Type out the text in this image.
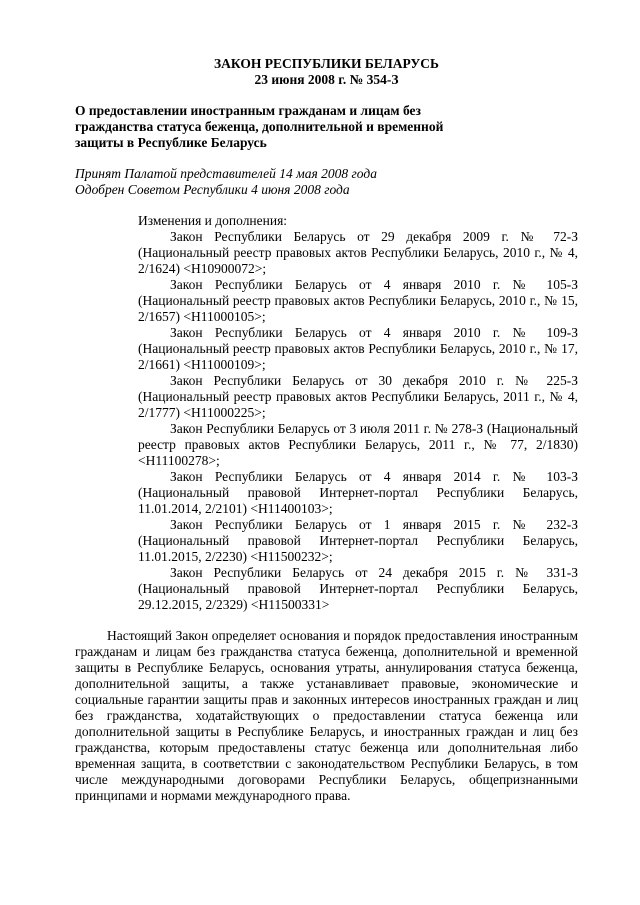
ЗАКОН РЕСПУБЛИКИ БЕЛАРУСЬ
23 июня 2008 г. № 354-З
О предоставлении иностранным гражданам и лицам без гражданства статуса беженца, дополнительной и временной защиты в Республике Беларусь
Принят Палатой представителей 14 мая 2008 года
Одобрен Советом Республики 4 июня 2008 года
Изменения и дополнения:

Закон Республики Беларусь от 29 декабря 2009 г. № 72-З (Национальный реестр правовых актов Республики Беларусь, 2010 г., № 4, 2/1624) <H10900072>;

Закон Республики Беларусь от 4 января 2010 г. № 105-З (Национальный реестр правовых актов Республики Беларусь, 2010 г., № 15, 2/1657) <H11000105>;

Закон Республики Беларусь от 4 января 2010 г. № 109-З (Национальный реестр правовых актов Республики Беларусь, 2010 г., № 17, 2/1661) <H11000109>;

Закон Республики Беларусь от 30 декабря 2010 г. № 225-З (Национальный реестр правовых актов Республики Беларусь, 2011 г., № 4, 2/1777) <H11000225>;

Закон Республики Беларусь от 3 июля 2011 г. № 278-З (Национальный реестр правовых актов Республики Беларусь, 2011 г., № 77, 2/1830) <H11100278>;

Закон Республики Беларусь от 4 января 2014 г. № 103-З (Национальный правовой Интернет-портал Республики Беларусь, 11.01.2014, 2/2101) <H11400103>;

Закон Республики Беларусь от 1 января 2015 г. № 232-З (Национальный правовой Интернет-портал Республики Беларусь, 11.01.2015, 2/2230) <H11500232>;

Закон Республики Беларусь от 24 декабря 2015 г. № 331-З (Национальный правовой Интернет-портал Республики Беларусь, 29.12.2015, 2/2329) <H11500331>

Настоящий Закон определяет основания и порядок предоставления иностранным гражданам и лицам без гражданства статуса беженца, дополнительной и временной защиты в Республике Беларусь, основания утраты, аннулирования статуса беженца, дополнительной защиты, а также устанавливает правовые, экономические и социальные гарантии защиты прав и законных интересов иностранных граждан и лиц без гражданства, ходатайствующих о предоставлении статуса беженца или дополнительной защиты в Республике Беларусь, и иностранных граждан и лиц без гражданства, которым предоставлены статус беженца или дополнительная либо временная защита, в соответствии с законодательством Республики Беларусь, в том числе международными договорами Республики Беларусь, общепризнанными принципами и нормами международного права.
